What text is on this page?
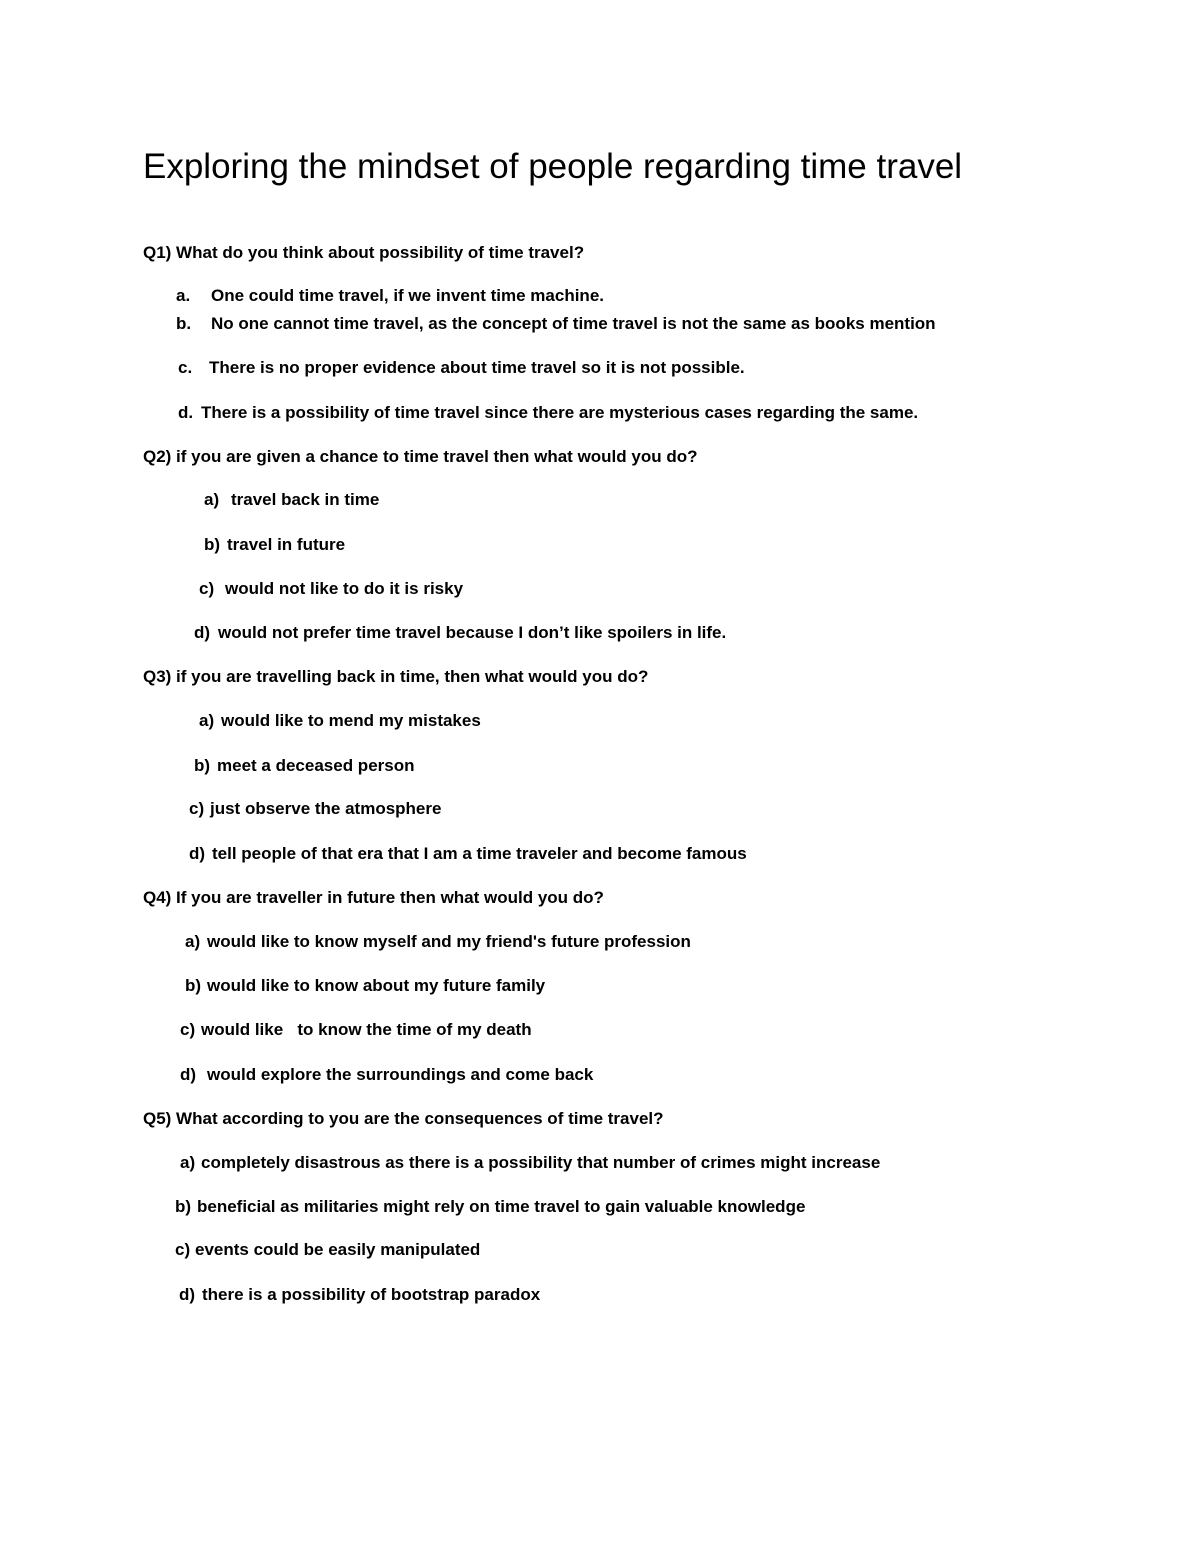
Exploring the mindset of people regarding time travel
Q1) What do you think about possibility of time travel?
a. One could time travel, if we invent time machine.
b. No one cannot time travel, as the concept of time travel is not the same as books mention
c. There is no proper evidence about time travel so it is not possible.
d. There is a possibility of time travel since there are mysterious cases regarding the same.
Q2) if you are given a chance to time travel then what would you do?
a) travel back in time
b) travel in future
c) would not like to do it is risky
d) would not prefer time travel because I don’t like spoilers in life.
Q3) if you are travelling back in time, then what would you do?
a) would like to mend my mistakes
b) meet a deceased person
c) just observe the atmosphere
d) tell people of that era that I am a time traveler and become famous
Q4) If you are traveller in future then what would you do?
a) would like to know myself and my friend's future profession
b) would like to know about my future family
c) would like   to know the time of my death
d) would explore the surroundings and come back
Q5) What according to you are the consequences of time travel?
a) completely disastrous as there is a possibility that number of crimes might increase
b) beneficial as militaries might rely on time travel to gain valuable knowledge
c) events could be easily manipulated
d) there is a possibility of bootstrap paradox
